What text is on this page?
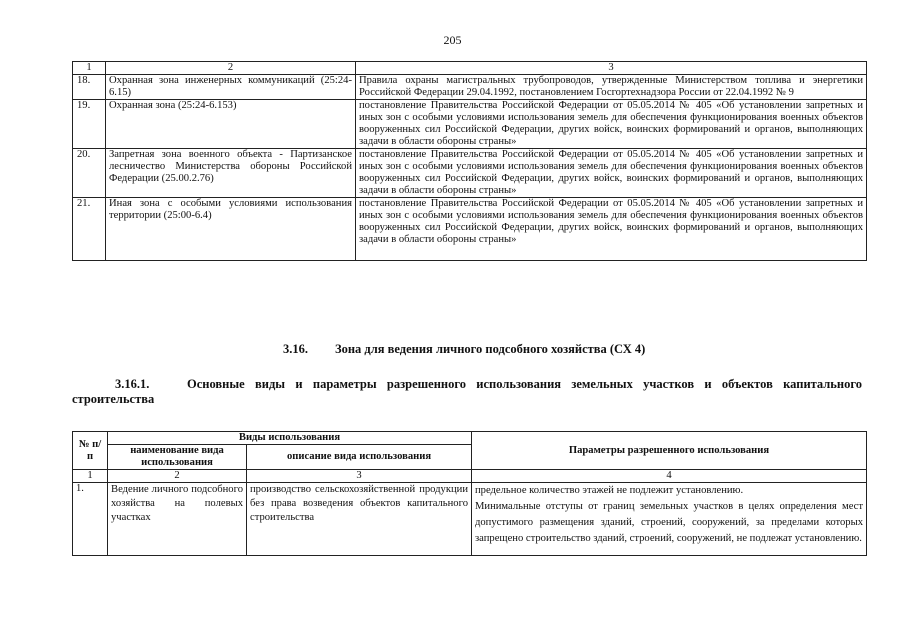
205
1	2	3
18.	Охранная зона инженерных коммуникаций (25:24-6.15)	Правила охраны магистральных трубопроводов, утвержденные Министерством топлива и энергетики Российской Федерации 29.04.1992, постановлением Госгортехнадзора России от 22.04.1992 № 9
19.	Охранная зона (25:24-6.153)	постановление Правительства Российской Федерации от 05.05.2014 № 405 «Об установлении запретных и иных зон с особыми условиями использования земель для обеспечения функционирования военных объектов вооруженных сил Российской Федерации, других войск, воинских формирований и органов, выполняющих задачи в области обороны страны»
20.	Запретная зона военного объекта - Партизанское лесничество Министерства обороны Российской Федерации (25.00.2.76)	постановление Правительства Российской Федерации от 05.05.2014 № 405 «Об установлении запретных и иных зон с особыми условиями использования земель для обеспечения функционирования военных объектов вооруженных сил Российской Федерации, других войск, воинских формирований и органов, выполняющих задачи в области обороны страны»
21.	Иная зона с особыми условиями использования территории (25:00-6.4)	постановление Правительства Российской Федерации от 05.05.2014 № 405 «Об установлении запретных и иных зон с особыми условиями использования земель для обеспечения функционирования военных объектов вооруженных сил Российской Федерации, других войск, воинских формирований и органов, выполняющих задачи в области обороны страны»
3.16. Зона для ведения личного подсобного хозяйства (СХ 4)
3.16.1.	Основные виды и параметры разрешенного использования земельных участков и объектов капитального строительства
№ п/п	Виды использования		Параметры разрешенного использования
	наименование вида использования	описание вида использования	
1	2	3	4
1.	Ведение личного подсобного хозяйства на полевых участках	производство сельскохозяйственной продукции без права возведения объектов капитального строительства	предельное количество этажей не подлежит установлению.
Минимальные отступы от границ земельных участков в целях определения мест допустимого размещения зданий, строений, сооружений, за пределами которых запрещено строительство зданий, строений, сооружений, не подлежат установлению.
